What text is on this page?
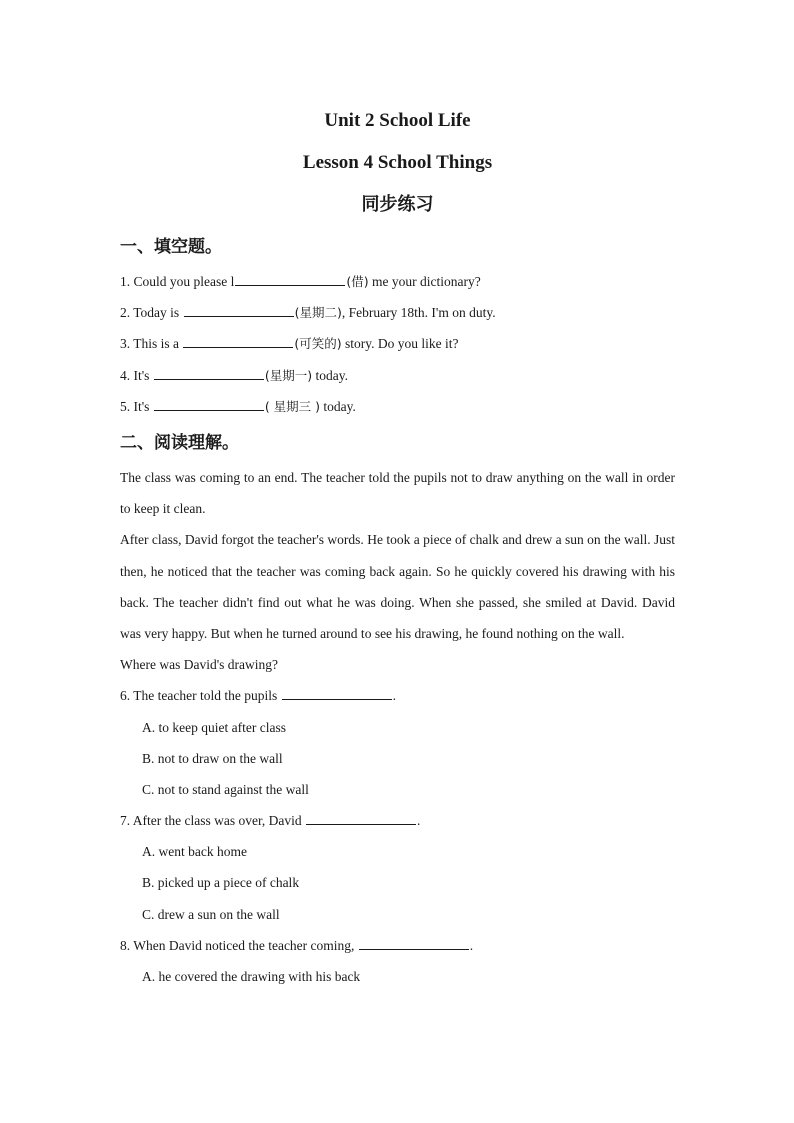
Unit 2 School Life
Lesson 4 School Things
同步练习
一、填空题。
1. Could you please l	(借) me your dictionary?
2. Today is	(星期二), February 18th. I'm on duty.
3. This is a	(可笑的) story. Do you like it?
4. It's	(星期一) today.
5. It's	( 星期三 ) today.
二、阅读理解。
The class was coming to an end. The teacher told the pupils not to draw anything on the wall in order to keep it clean.
After class, David forgot the teacher's words. He took a piece of chalk and drew a sun on the wall. Just then, he noticed that the teacher was coming back again. So he quickly covered his drawing with his back. The teacher didn't find out what he was doing. When she passed, she smiled at David. David was very happy. But when he turned around to see his drawing, he found nothing on the wall.
Where was David's drawing?
6. The teacher told the pupils	.
A. to keep quiet after class
B. not to draw on the wall
C. not to stand against the wall
7. After the class was over, David	.
A. went back home
B. picked up a piece of chalk
C. drew a sun on the wall
8. When David noticed the teacher coming,	.
A. he covered the drawing with his back
